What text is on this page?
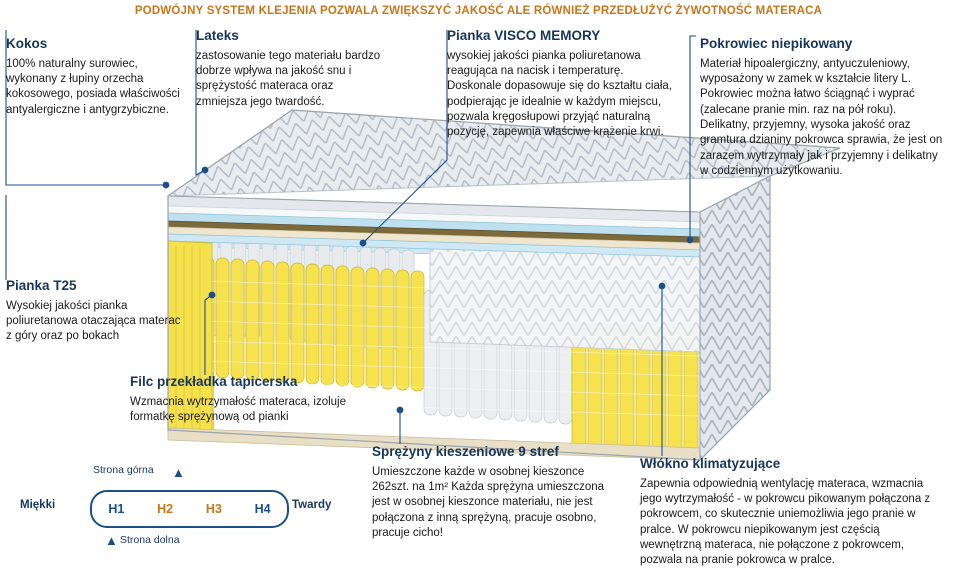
PODWÓJNY SYSTEM KLEJENIA POZWALA ZWIĘKSZYĆ JAKOŚĆ ALE RÓWNIEŻ PRZEDŁUŻYĆ ŻYWOTNOŚĆ MATERACA

Kokos

100% naturalny surowiec, wykonany z łupiny orzecha kokosowego, posiada właściwości antyalergiczne i antygrzybiczne.

Lateks

zastosowanie tego materiału bardzo dobrze wpływa na jakość snu i sprężystość materaca oraz zmniejsza jego twardość.

Pianka VISCO MEMORY

wysokiej jakości pianka poliuretanowa reagująca na nacisk i temperaturę. Doskonale dopasowuje się do kształtu ciała, podpierając je idealnie w każdym miejscu, pozwala kręgosłupowi przyjąć naturalną pozycję, zapewnia właściwe krążenie krwi.

Pokrowiec niepikowany

Materiał hipoalergiczny, antyuczuleniowy, wyposażony w zamek w kształcie litery L. Pokrowiec można łatwo ściągnąć i wyprać (zalecane pranie min. raz na pół roku). Delikatny, przyjemny, wysoka jakość oraz gramtura dzianiny pokrowca sprawia, że jest on zarazem wytrzymały jak i przyjemny i delikatny w codziennym użytkowaniu.

Pianka T25

Wysokiej jakości pianka poliuretanowa otaczająca materac z góry oraz po bokach

Filc przekładka tapicerska

Wzmacnia wytrzymałość materaca, izoluje formatkę sprężynową od pianki

Sprężyny kieszeniowe 9 stref

Umieszczone każde w osobnej kieszonce 262szt. na 1m² Każda sprężyna umieszczona jest w osobnej kieszonce materiału, nie jest połączona z inną sprężyną, pracuje osobno, pracuje cicho!

Włókno klimatyzujące

Zapewnia odpowiednią wentylację materaca, wzmacnia jego wytrzymałość - w pokrowcu pikowanym połączona z pokrowcem, co skutecznie uniemożliwia jego pranie w pralce. W pokrowcu niepikowanym jest częścią wewnętrzną materaca, nie połączone z pokrowcem, pozwala na pranie pokrowca w pralce.

Strona górna ▲
Miękki	H1	H2	H3	H4	Twardy
▲ Strona dolna
